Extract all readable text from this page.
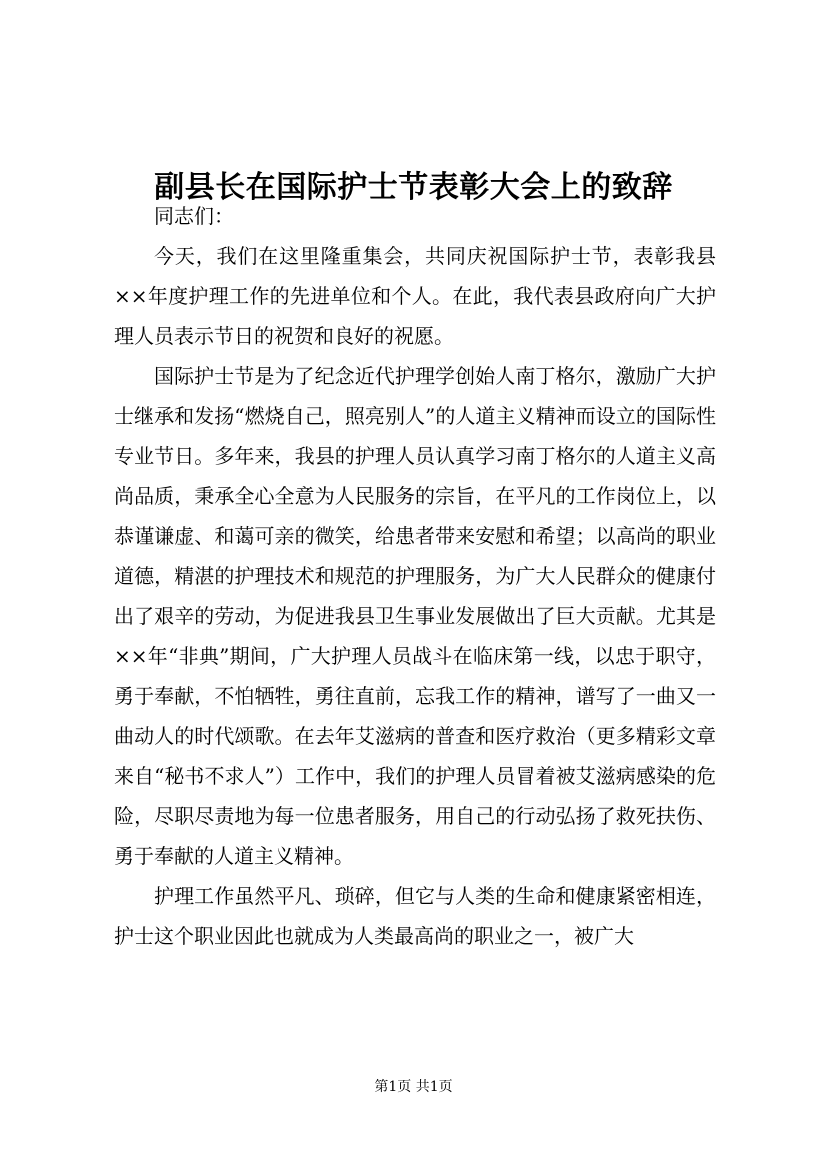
副县长在国际护士节表彰大会上的致辞

同志们：

今天，我们在这里隆重集会，共同庆祝国际护士节，表彰我县××年度护理工作的先进单位和个人。在此，我代表县政府向广大护理人员表示节日的祝贺和良好的祝愿。

国际护士节是为了纪念近代护理学创始人南丁格尔，激励广大护士继承和发扬“燃烧自己，照亮别人”的人道主义精神而设立的国际性专业节日。多年来，我县的护理人员认真学习南丁格尔的人道主义高尚品质，秉承全心全意为人民服务的宗旨，在平凡的工作岗位上，以恭谨谦虚、和蔼可亲的微笑，给患者带来安慰和希望；以高尚的职业道德，精湛的护理技术和规范的护理服务，为广大人民群众的健康付出了艰辛的劳动，为促进我县卫生事业发展做出了巨大贡献。尤其是××年“非典”期间，广大护理人员战斗在临床第一线，以忠于职守，勇于奉献，不怕牺牲，勇往直前，忘我工作的精神，谱写了一曲又一曲动人的时代颂歌。在去年艾滋病的普查和医疗救治（更多精彩文章来自“秘书不求人”）工作中，我们的护理人员冒着被艾滋病感染的危险，尽职尽责地为每一位患者服务，用自己的行动弘扬了救死扶伤、勇于奉献的人道主义精神。

护理工作虽然平凡、琐碎，但它与人类的生命和健康紧密相连，护士这个职业因此也就成为人类最高尚的职业之一，被广大

第1页 共1页
